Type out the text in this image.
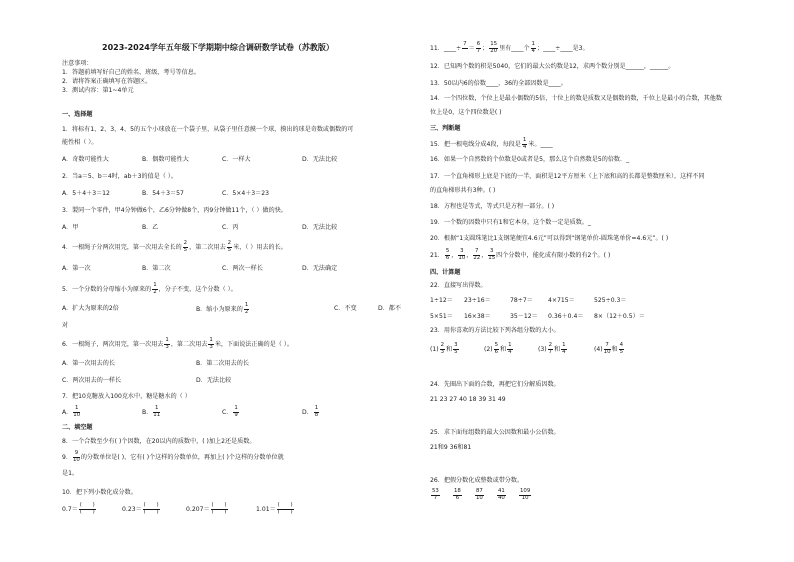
2023-2024学年五年级下学期期中综合调研数学试卷（苏教版）
注意事项：
1．答题前填写好自己的姓名、班级、考号等信息。
2．请将答案正确填写在答题区。
3．测试内容：第1~4单元
一、选择题
1．将标有1、2、3、4、5的五个小球放在一个袋子里，从袋子里任意摸一个球，摸出的球是奇数或偶数的可
能性相（ ）。
A．奇数可能性大	B．偶数可能性大	C．一样大	D．无法比较
2．当a＝5、b＝4时，ab＋3的值是（ ）。
A．5＋4＋3＝12	B．54＋3＝57	C．5×4＋3＝23
3．製同一个零件，甲4分钟做6个，乙6分钟做8个，丙9分钟做11个，（ ）做的快。
A．甲	B．乙	C．丙	D．无法比较
4．一根绳子分两次用完，第一次用去全长的 $\frac{2}{5}$ ，第二次用去 $\frac{2}{5}$ 米，（ ）用去的长。
A．第一次	B．第二次	C．两次一样长	D．无法确定
5．一个分数的分母缩小为原来的 $\frac{1}{2}$ ，分子不变，这个分数（ ）。
A．扩大为原来的2倍	B．缩小为原来的 $\frac{1}{2}$	C．不变	D．都不
对
6．一根绳子，两次用完，第一次用去 $\frac{1}{3}$ ，第二次用去 $\frac{1}{3}$ 米，下面说法正确的是（ ）。
A．第一次用去的长	B．第二次用去的长
C．两次用去的一样长	D．无法比较
7．把10克糖放入100克水中，糖是糖水的（ ）
A． $\frac{1}{10}$	B． $\frac{1}{11}$	C． $\frac{1}{9}$	D． $\frac{1}{8}$
二、填空题
8．一个合数至少有( )个因数，在20以内的质数中，( )加上2还是质数。
9． $\frac{9}{10}$ 的分数单位是( )，它有( )个这样的分数单位，再加上( )个这样的分数单位就
是1。
10．把下列小数化成分数。
$0.7= \frac{( )}{( )}$	$0.23= \frac{( )}{( )}$	$0.207= \frac{( )}{( )}$	$1.01= \frac{( )}{( )}$
11．____÷
7

＝ $\frac{6}{7}$ ； $\frac{15}{20}$ 里有____个 $\frac{1}{4}$ ；____÷____是3。
12．已知两个数的积是5040，它们的最大公约数是12，求两个数分别是______，______。
13．50以内6的倍数____，36的全部因数是____。
14．一个四位数，个位上是最小偶数的5倍，十位上的数是质数又是偶数的数，千位上是最小的合数，其他数
位上是0，这个四位数是( )
三、判断题
15．把一根电线分成4段，每段是 $\frac{1}{4}$ 米。____
16．如果一个自然数的个位数是0或者是5，那么这个自然数是5的倍数．_
17．一个直角梯形上底是下底的一半，面积是12平方厘米（上下底和高的长都是整数厘米），这样不同
的直角梯形共有3种。( )
18．方程也是等式，等式只是方程一部分。( )
19．一个数的因数中只有1和它本身，这个数一定是质数。_
20．根据“1支圆珠笔比1支钢笔便宜4.6元”可以得到“钢笔单价-圆珠笔单价=4.6元”。( )
21． $\frac{5}{6}$ ， $\frac{3}{10}$ ， $\frac{7}{22}$ ， $\frac{3}{15}$ 四个分数中，能化成有限小数的有2个。( )
四、计算题
22．直接写出得数。
1÷12＝ 23÷16＝	78÷7＝ 4×715＝	525÷0.3＝
5×51＝ 16×38＝	35－12＝ 0.36＋0.4＝ 8×（12＋0.5）＝
23．用你喜欢的方法比较下列各组分数的大小。
$(1) \frac{2}{3}$ 和 $\frac{3}{5}$	$(2) \frac{5}{6}$ 和 $\frac{1}{4}$	$(3) \frac{2}{7}$ 和 $\frac{1}{4}$	$(4) \frac{7}{10}$ 和 $\frac{4}{5}$
24．先圈出下面的合数，再把它们分解质因数。
21 23 27 40 18 39 31 49
25．求下面每组数的最大公因数和最小公倍数。
21和9 36和81
26．把假分数化成整数或带分数。
$\frac{53}{7} \frac{18}{6} \frac{87}{10} \frac{41}{40} \frac{109}{10}$
